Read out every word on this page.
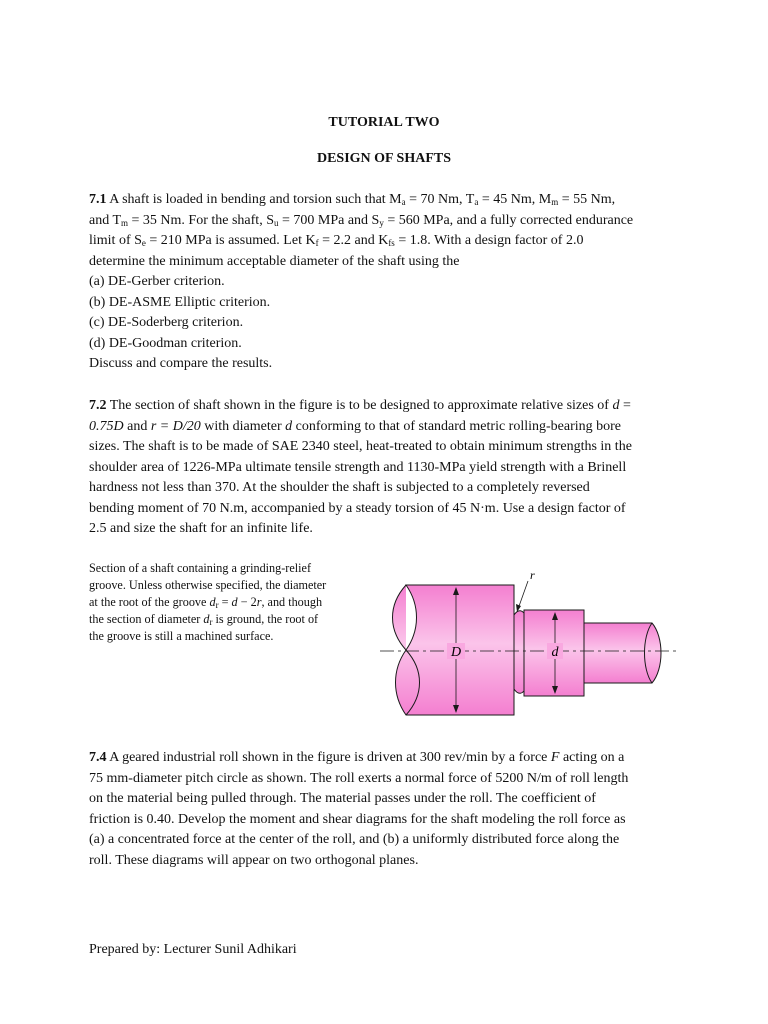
TUTORIAL TWO
DESIGN OF SHAFTS
7.1 A shaft is loaded in bending and torsion such that $M_a = 70$ Nm, $T_a = 45$ Nm, $M_m = 55$ Nm,
and $T_m = 35$ Nm. For the shaft, $S_u = 700$ MPa and $S_y = 560$ MPa, and a fully corrected endurance
limit of $S_e = 210$ MPa is assumed. Let $K_f = 2.2$ and $K_{fs} = 1.8$. With a design factor of 2.0
determine the minimum acceptable diameter of the shaft using the
(a) DE-Gerber criterion.
(b) DE-ASME Elliptic criterion.
(c) DE-Soderberg criterion.
(d) DE-Goodman criterion.
Discuss and compare the results.
7.2 The section of shaft shown in the figure is to be designed to approximate relative sizes of d =
0.75D and r = D/20 with diameter d conforming to that of standard metric rolling-bearing bore
sizes. The shaft is to be made of SAE 2340 steel, heat-treated to obtain minimum strengths in the
shoulder area of 1226-MPa ultimate tensile strength and 1130-MPa yield strength with a Brinell
hardness not less than 370. At the shoulder the shaft is subjected to a completely reversed
bending moment of 70 N.m, accompanied by a steady torsion of 45 N·m. Use a design factor of
2.5 and size the shaft for an infinite life.
Section of a shaft containing a grinding-relief
groove. Unless otherwise specified, the diameter
at the root of the groove $d_r = d - 2r$, and though
the section of diameter $d_r$ is ground, the root of
the groove is still a machined surface.
D	d
r
7.4 A geared industrial roll shown in the figure is driven at 300 rev/min by a force F acting on a
75 mm-diameter pitch circle as shown. The roll exerts a normal force of 5200 N/m of roll length
on the material being pulled through. The material passes under the roll. The coefficient of
friction is 0.40. Develop the moment and shear diagrams for the shaft modeling the roll force as
(a) a concentrated force at the center of the roll, and (b) a uniformly distributed force along the
roll. These diagrams will appear on two orthogonal planes.
Prepared by: Lecturer Sunil Adhikari
